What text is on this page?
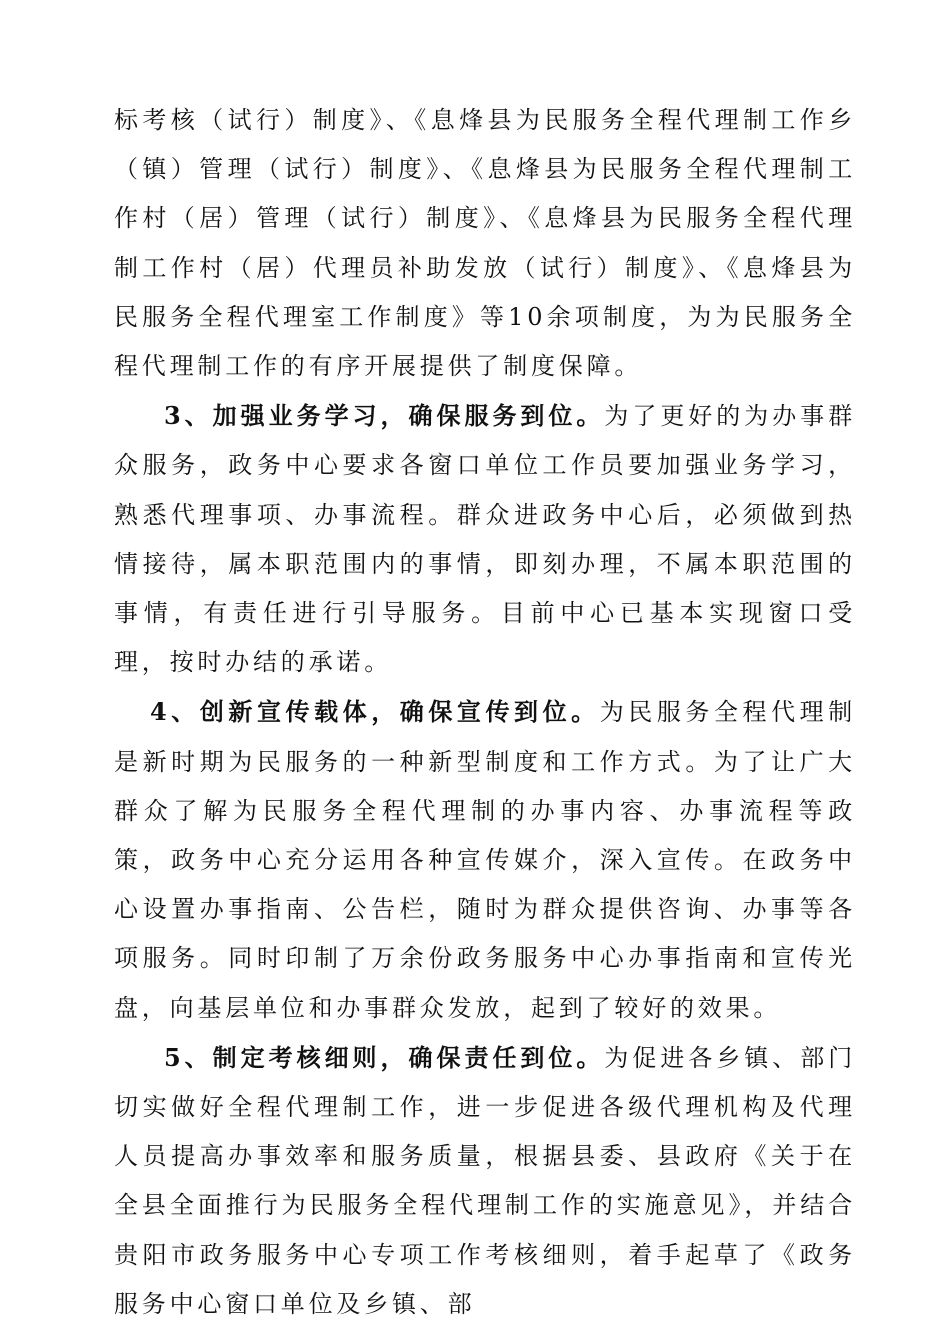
标考核（试行）制度》、《息烽县为民服务全程代理制工作乡（镇）管理（试行）制度》、《息烽县为民服务全程代理制工作村（居）管理（试行）制度》、《息烽县为民服务全程代理制工作村（居）代理员补助发放（试行）制度》、《息烽县为民服务全程代理室工作制度》等10余项制度，为为民服务全程代理制工作的有序开展提供了制度保障。

3、加强业务学习，确保服务到位。为了更好的为办事群众服务，政务中心要求各窗口单位工作员要加强业务学习，熟悉代理事项、办事流程。群众进政务中心后，必须做到热情接待，属本职范围内的事情，即刻办理，不属本职范围的事情，有责任进行引导服务。目前中心已基本实现窗口受理，按时办结的承诺。

4、创新宣传载体，确保宣传到位。为民服务全程代理制是新时期为民服务的一种新型制度和工作方式。为了让广大群众了解为民服务全程代理制的办事内容、办事流程等政策，政务中心充分运用各种宣传媒介，深入宣传。在政务中心设置办事指南、公告栏，随时为群众提供咨询、办事等各项服务。同时印制了万余份政务服务中心办事指南和宣传光盘，向基层单位和办事群众发放，起到了较好的效果。

5、制定考核细则，确保责任到位。为促进各乡镇、部门切实做好全程代理制工作，进一步促进各级代理机构及代理人员提高办事效率和服务质量，根据县委、县政府《关于在全县全面推行为民服务全程代理制工作的实施意见》，并结合贵阳市政务服务中心专项工作考核细则，着手起草了《政务服务中心窗口单位及乡镇、部
